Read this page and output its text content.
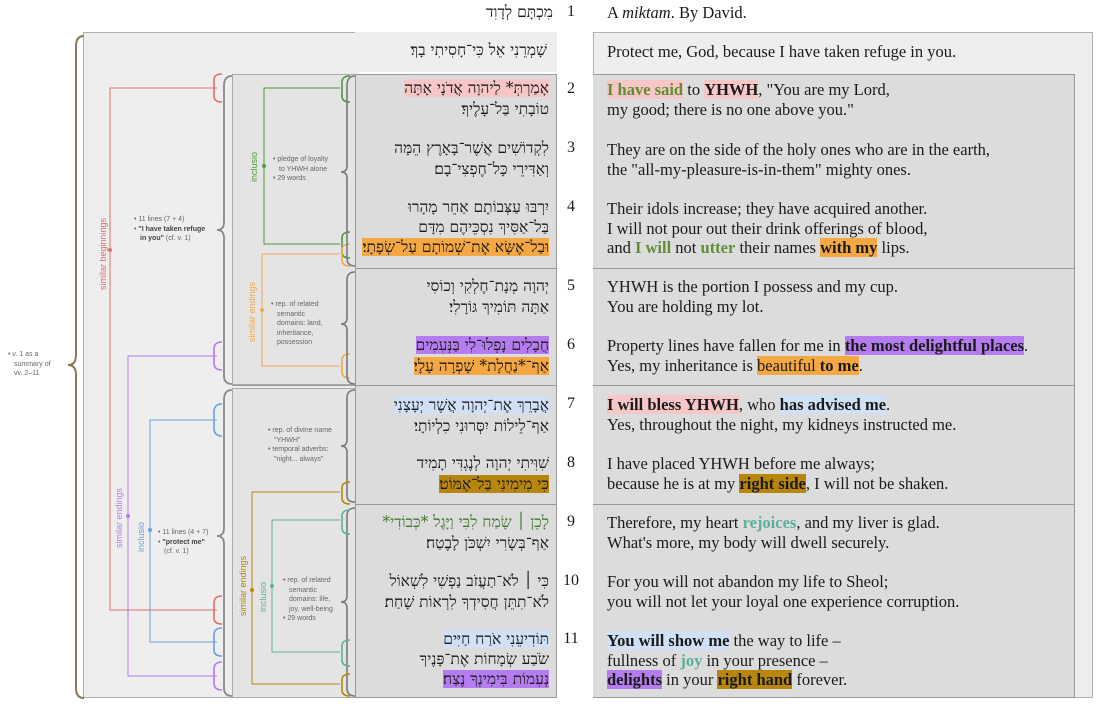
similar beginnings
similar endings inclusio
inclusio
similar endings
similar endings inclusio
• v. 1 as a
summary of
vv. 2–11
• 11 lines (7 + 4)
• "I have taken refuge
in you" (cf. v. 1)
• 11 lines (4 + 7)
• "protect me"
(cf. v. 1)
• pledge of loyalty
to YHWH alone
• 29 words
• rep. of related
semantic
domains: land,
inheritance,
possession
• rep. of divine name
"YHWH"
• temporal adverbs:
"night... always"
• rep. of related
semantic
domains: life,
joy, well-being
• 29 words
מִכְתָּם לְדָוִד 1	A miktam. By David.
שָׁמְרֵנִי אֵל כִּי־חָסִיתִי בָךְ׃	Protect me, God, because I have taken refuge in you.
אָמַרְתְּ* לַיהוָה אֲדֹנָי אָתָּה
טוֹבָתִי בַּל־עָלֶיךָ׃
לִקְדוֹשִׁים אֲשֶׁר־בָּאָרֶץ הֵמָּה
וְאַדִּירֵי כָּל־חֶפְצִי־בָם׃
יִרְבּוּ עַצְּבוֹתָם אַחֵר מָהָרוּ
בַּל־אַסִּיךְ נִסְכֵּיהֶם מִדָּם
וּבַל־אֶשָּׂא אֶת־שְׁמוֹתָם עַל־שְׂפָתָי׃
יְהוָה מְנָת־חֶלְקִי וְכוֹסִי
אַתָּה תּוֹמִיךְ גּוֹרָלִי׃
חֲבָלִים נָפְלוּ־לִי בַּנְּעִמִים
אַף־*נַחֲלָת* שָׁפְרָה עָלָי׃
אֲבָרֵךְ אֶת־יְהוָה אֲשֶׁר יְעָצָנִי
אַף־לֵילוֹת יִסְּרוּנִי כִלְיוֹתָי׃
שִׁוִּיתִי יְהוָה לְנֶגְדִּי תָמִיד
כִּי מִימִינִי בַּל־אֶמּוֹט׃
לָכֵן ׀ שָׂמַח לִבִּי וַיָּגֶל *כְּבוֹדִי*
אַף־בְּשָׂרִי יִשְׁכֹּן לָבֶטַח׃
כִּי ׀ לֹא־תַעֲזֹב נַפְשִׁי לִשְׁאוֹל
לֹא־תִתֵּן חֲסִידְךָ לִרְאוֹת שָׁחַת׃
תּוֹדִיעֵנִי אֹרַח חַיִּים
שֹׂבַע שְׂמָחוֹת אֶת־פָּנֶיךָ
נְעִמוֹת בִּימִינְךָ נֶצַח׃
2
3
4
5
6
7
8
9
10
11
I have said to YHWH, "You are my Lord,
my good; there is no one above you."
They are on the side of the holy ones who are in the earth,
the "all-my-pleasure-is-in-them" mighty ones.
Their idols increase; they have acquired another.
I will not pour out their drink offerings of blood,
and I will not utter their names with my lips.
YHWH is the portion I possess and my cup.
You are holding my lot.
Property lines have fallen for me in the most delightful places.
Yes, my inheritance is beautiful to me.
I will bless YHWH, who has advised me.
Yes, throughout the night, my kidneys instructed me.
I have placed YHWH before me always;
because he is at my right side, I will not be shaken.
Therefore, my heart rejoices, and my liver is glad.
What's more, my body will dwell securely.
For you will not abandon my life to Sheol;
you will not let your loyal one experience corruption.
You will show me the way to life –
fullness of joy in your presence –
delights in your right hand forever.
